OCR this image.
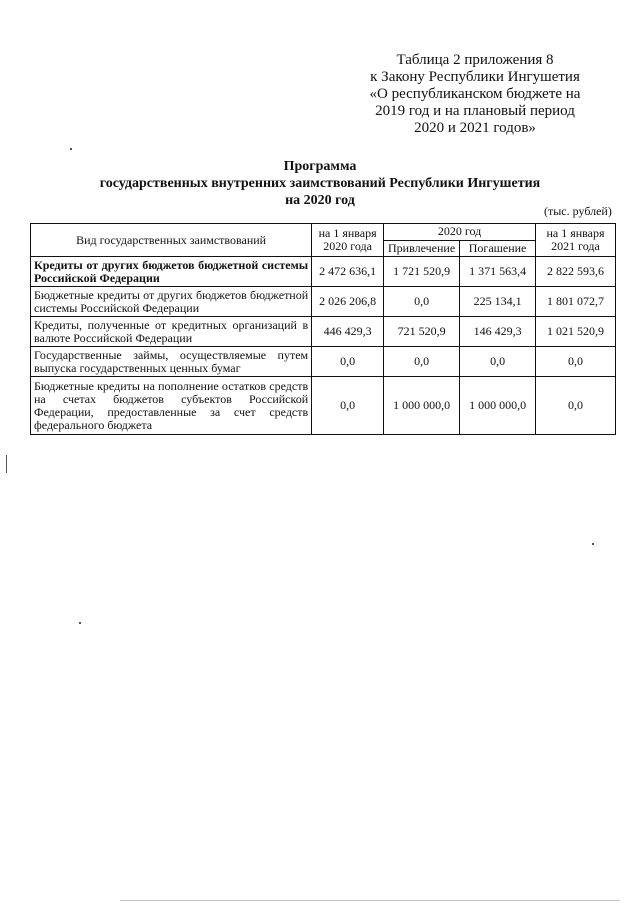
Таблица 2 приложения 8
к Закону Республики Ингушетия
«О республиканском бюджете на
2019 год и на плановый период
2020 и 2021 годов»
Программа
государственных внутренних заимствований Республики Ингушетия
на 2020 год
(тыс. рублей)
Вид государственных заимствований	на 1 января 2020 года	2020 год		на 1 января 2021 года
		Привлечение	Погашение	
Кредиты от других бюджетов бюджетной системы Российской Федерации	2 472 636,1	1 721 520,9	1 371 563,4	2 822 593,6
Бюджетные кредиты от других бюджетов бюджетной системы Российской Федерации	2 026 206,8	0,0	225 134,1	1 801 072,7
Кредиты, полученные от кредитных организаций в валюте Российской Федерации	446 429,3	721 520,9	146 429,3	1 021 520,9
Государственные займы, осуществляемые путем выпуска государственных ценных бумаг	0,0	0,0	0,0	0,0
Бюджетные кредиты на пополнение остатков средств на счетах бюджетов субъектов Российской Федерации, предоставленные за счет средств федерального бюджета	0,0	1 000 000,0	1 000 000,0	0,0
